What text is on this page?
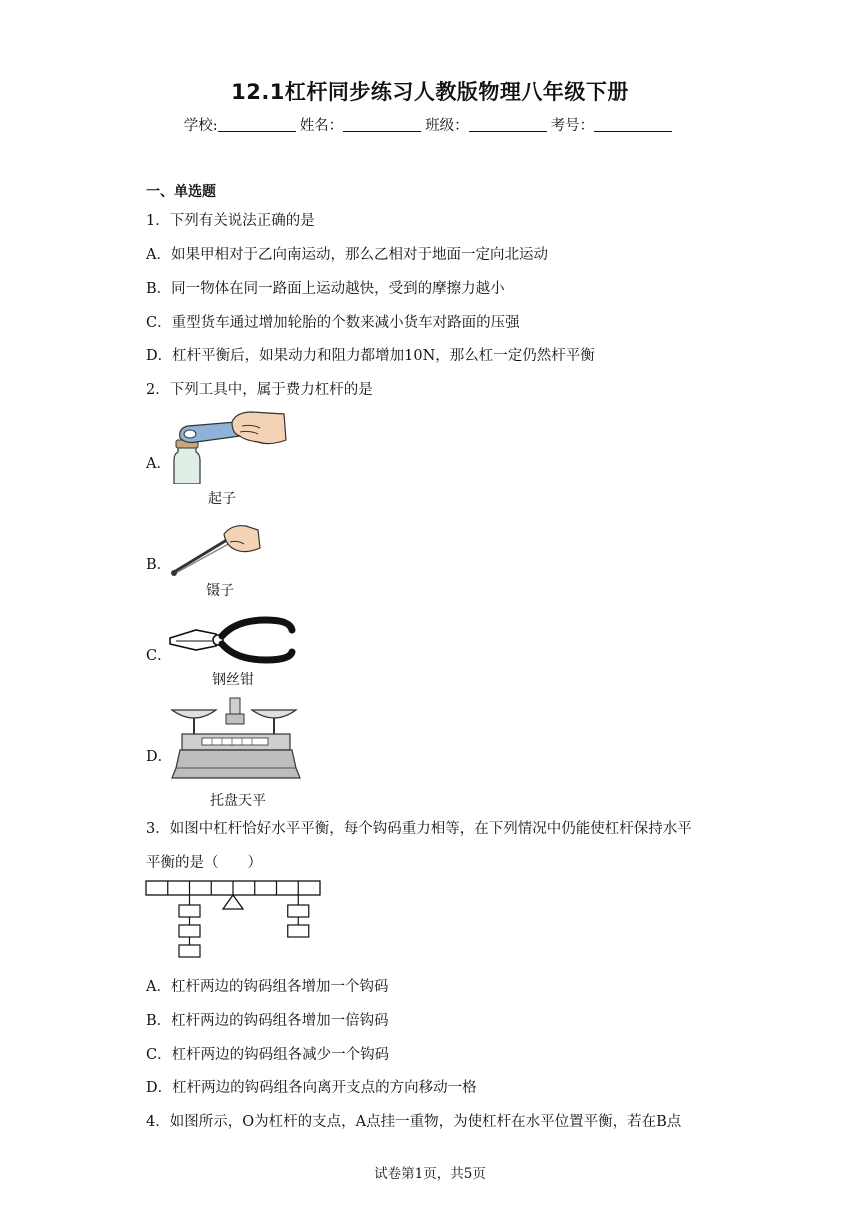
12.1杠杆同步练习人教版物理八年级下册
学校:	姓名：	班级：	考号：
一、单选题
1．下列有关说法正确的是
A．如果甲相对于乙向南运动，那么乙相对于地面一定向北运动
B．同一物体在同一路面上运动越快，受到的摩擦力越小
C．重型货车通过增加轮胎的个数来减小货车对路面的压强
D．杠杆平衡后，如果动力和阻力都增加10N，那么杠一定仍然杆平衡
2．下列工具中，属于费力杠杆的是
A．
起子
B．
镊子
C．
钢丝钳
D．
托盘天平
3．如图中杠杆恰好水平平衡，每个钩码重力相等，在下列情况中仍能使杠杆保持水平
平衡的是（　　）
A．杠杆两边的钩码组各增加一个钩码
B．杠杆两边的钩码组各增加一倍钩码
C．杠杆两边的钩码组各减少一个钩码
D．杠杆两边的钩码组各向离开支点的方向移动一格
4．如图所示，O为杠杆的支点，A点挂一重物，为使杠杆在水平位置平衡，若在B点
试卷第1页，共5页
